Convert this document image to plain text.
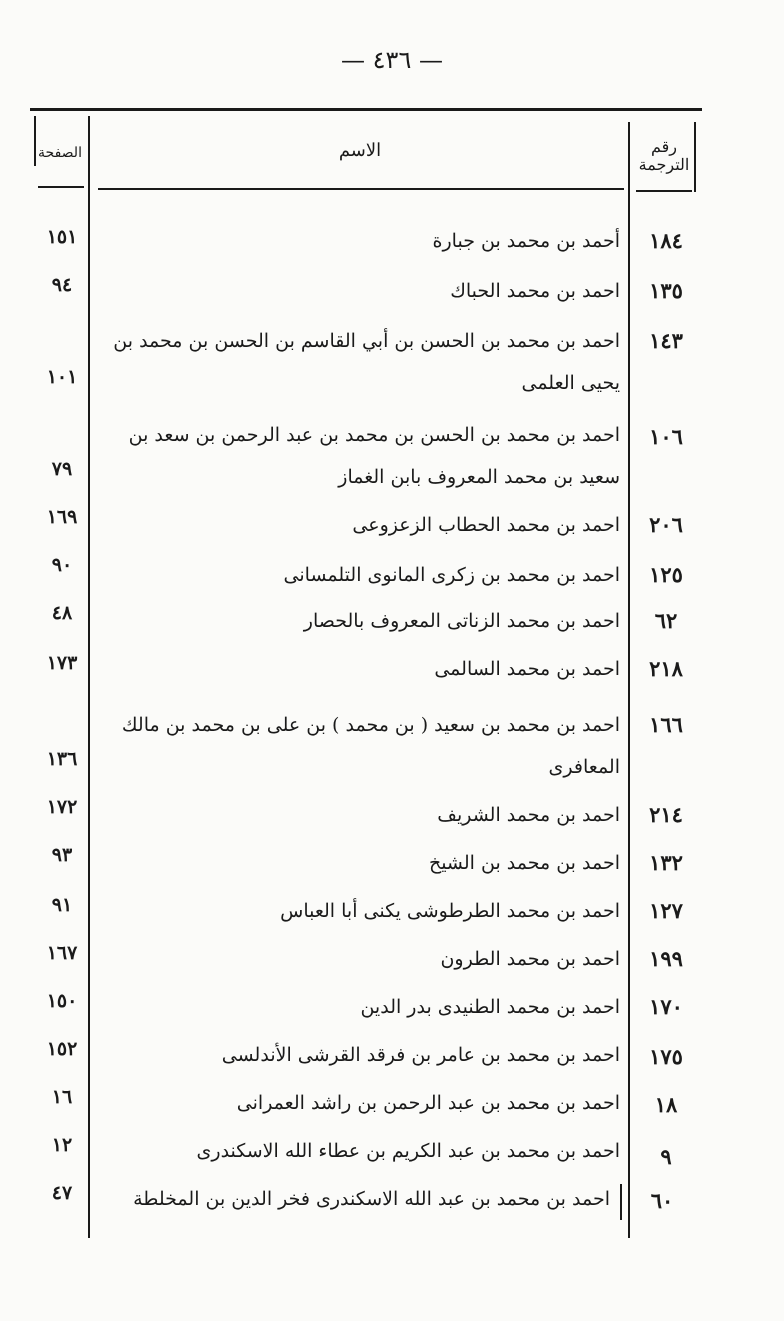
— ٤٣٦ —
رقم الترجمة
الاسم
الصفحة
١٨٤
أحمد بن محمد بن جبارة
١٥١
١٣٥
احمد بن محمد الحباك
٩٤
١٤٣
احمد بن محمد بن الحسن بن أبي القاسم بن الحسن بن محمد بن يحيى العلمى
١٠١
١٠٦
احمد بن محمد بن الحسن بن محمد بن عبد الرحمن بن سعد بن سعيد بن محمد المعروف بابن الغماز
٧٩
٢٠٦
احمد بن محمد الحطاب الزعزوعى
١٦٩
١٢٥
احمد بن محمد بن زكرى المانوى التلمسانى
٩٠
٦٢
احمد بن محمد الزناتى المعروف بالحصار
٤٨
٢١٨
احمد بن محمد السالمى
١٧٣
١٦٦
احمد بن محمد بن سعيد ( بن محمد ) بن على بن محمد بن مالك المعافرى
١٣٦
٢١٤
احمد بن محمد الشريف
١٧٢
١٣٢
احمد بن محمد بن الشيخ
٩٣
١٢٧
احمد بن محمد الطرطوشى يكنى أبا العباس
٩١
١٩٩
احمد بن محمد الطرون
١٦٧
١٧٠
احمد بن محمد الطنيدى بدر الدين
١٥٠
١٧٥
احمد بن محمد بن عامر بن فرقد القرشى الأندلسى
١٥٢
١٨
احمد بن محمد بن عبد الرحمن بن راشد العمرانى
١٦
٩
احمد بن محمد بن عبد الكريم بن عطاء الله الاسكندرى
١٢
٦٠
احمد بن محمد بن عبد الله الاسكندرى فخر الدين بن المخلطة
٤٧
